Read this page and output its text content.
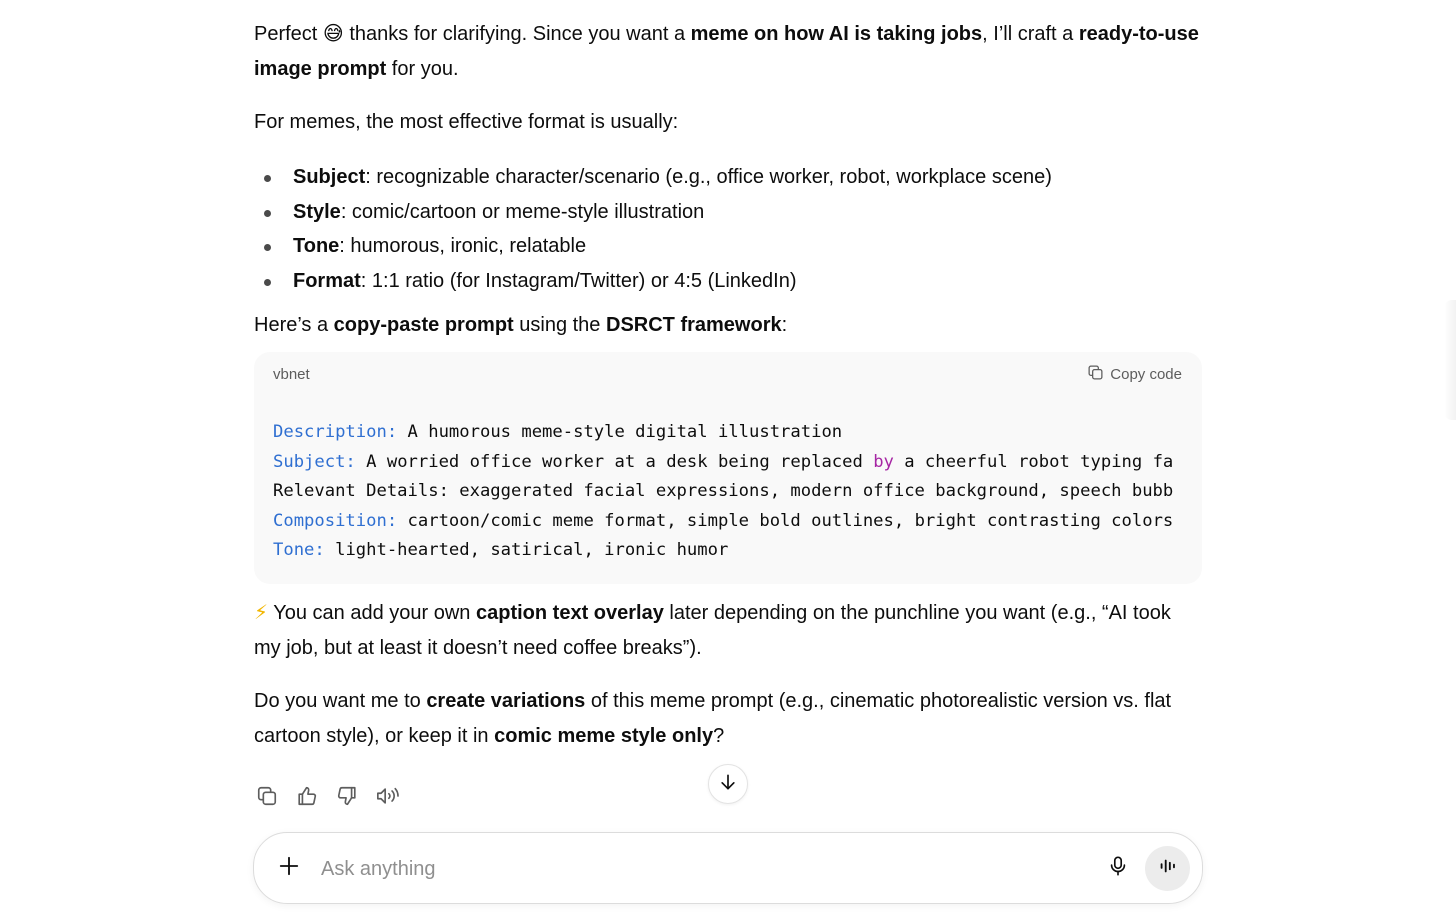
Perfect 😅 thanks for clarifying. Since you want a meme on how AI is taking jobs, I’ll craft a ready-to-use image prompt for you.

For memes, the most effective format is usually:

Subject: recognizable character/scenario (e.g., office worker, robot, workplace scene)
Style: comic/cartoon or meme-style illustration
Tone: humorous, ironic, relatable
Format: 1:1 ratio (for Instagram/Twitter) or 4:5 (LinkedIn)

Here’s a copy-paste prompt using the DSRCT framework:

vbnet	Copy code
Description: A humorous meme-style digital illustration
Subject: A worried office worker at a desk being replaced by a cheerful robot typing fa
Relevant Details: exaggerated facial expressions, modern office background, speech bubb
Composition: cartoon/comic meme format, simple bold outlines, bright contrasting colors
Tone: light-hearted, satirical, ironic humor

⚡ You can add your own caption text overlay later depending on the punchline you want (e.g., “AI took my job, but at least it doesn’t need coffee breaks”).

Do you want me to create variations of this meme prompt (e.g., cinematic photorealistic version vs. flat cartoon style), or keep it in comic meme style only?

Ask anything
